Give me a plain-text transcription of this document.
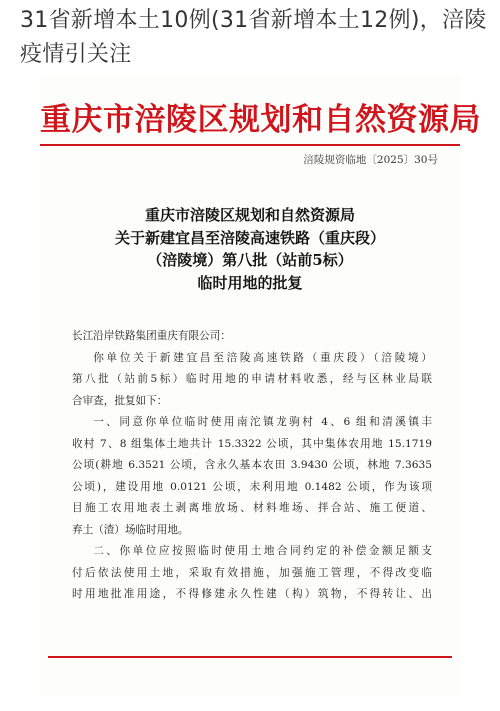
31省新增本土10例(31省新增本土12例)，涪陵疫情引关注
重庆市涪陵区规划和自然资源局
涪陵规资临地〔2025〕30号
重庆市涪陵区规划和自然资源局
关于新建宜昌至涪陵高速铁路（重庆段）
（涪陵境）第八批（站前5标）
临时用地的批复

长江沿岸铁路集团重庆有限公司：

你单位关于新建宜昌至涪陵高速铁路（重庆段）（涪陵境）

第八批（站前5标）临时用地的申请材料收悉，经与区林业局联

合审查，批复如下：

一、同意你单位临时使用南沱镇龙驹村 4、6 组和清溪镇丰

收村 7、8 组集体土地共计 15.3322 公顷，其中集体农用地 15.1719

公顷(耕地 6.3521 公顷，含永久基本农田 3.9430 公顷，林地 7.3635

公顷)，建设用地 0.0121 公顷，未利用地 0.1482 公顷，作为该项

目施工农用地表土剥离堆放场、材料堆场、拌合站、施工便道、

弃土（渣）场临时用地。

二、你单位应按照临时使用土地合同约定的补偿金额足额支

付后依法使用土地，采取有效措施，加强施工管理，不得改变临

时用地批准用途，不得修建永久性建（构）筑物，不得转让、出
